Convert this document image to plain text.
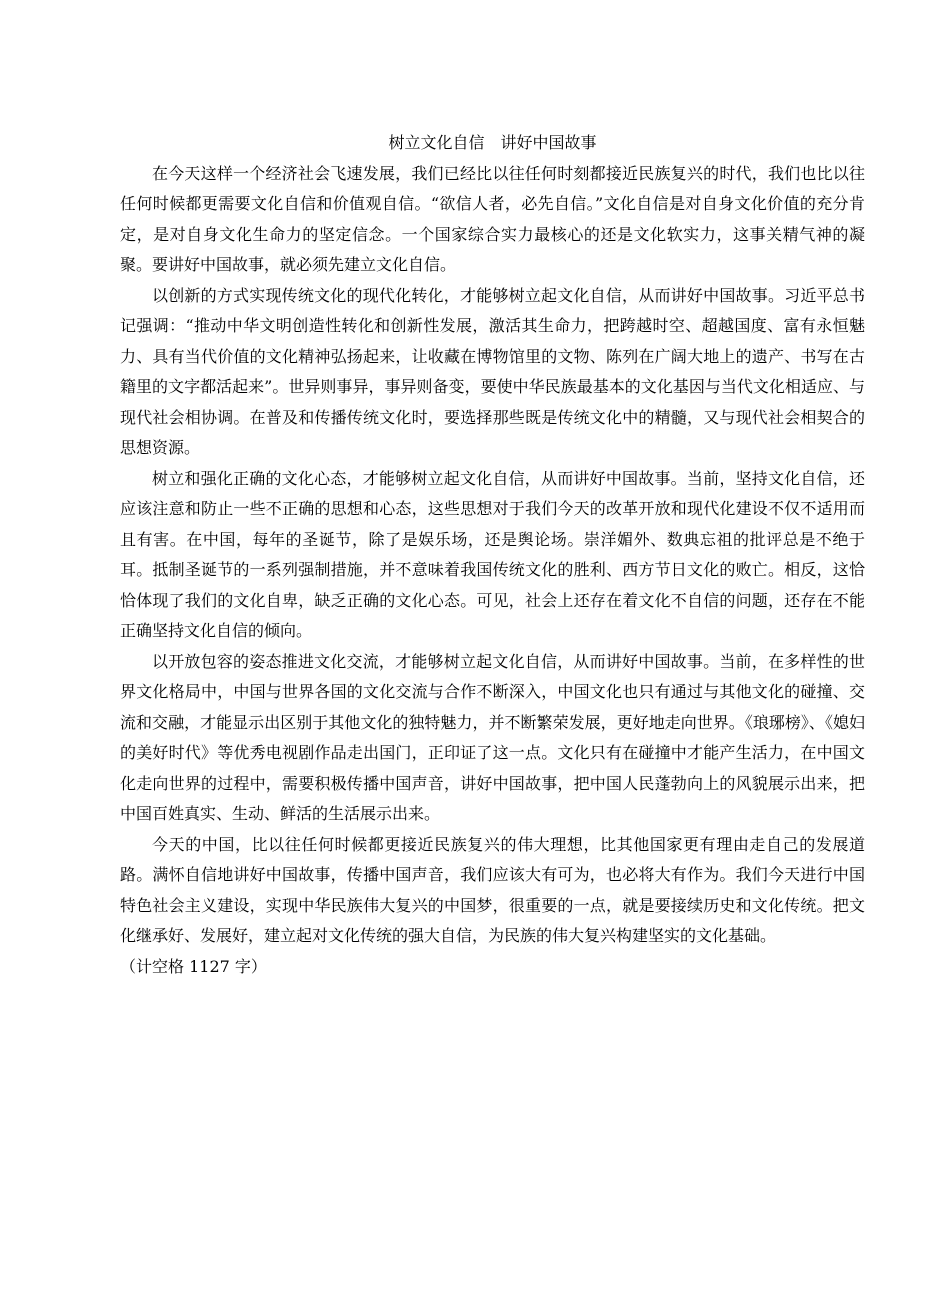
树立文化自信　讲好中国故事

在今天这样一个经济社会飞速发展，我们已经比以往任何时刻都接近民族复兴的时代，我们也比以往任何时候都更需要文化自信和价值观自信。“欲信人者，必先自信。”文化自信是对自身文化价值的充分肯定，是对自身文化生命力的坚定信念。一个国家综合实力最核心的还是文化软实力，这事关精气神的凝聚。要讲好中国故事，就必须先建立文化自信。

以创新的方式实现传统文化的现代化转化，才能够树立起文化自信，从而讲好中国故事。习近平总书记强调：“推动中华文明创造性转化和创新性发展，激活其生命力，把跨越时空、超越国度、富有永恒魅力、具有当代价值的文化精神弘扬起来，让收藏在博物馆里的文物、陈列在广阔大地上的遗产、书写在古籍里的文字都活起来”。世异则事异，事异则备变，要使中华民族最基本的文化基因与当代文化相适应、与现代社会相协调。在普及和传播传统文化时，要选择那些既是传统文化中的精髓，又与现代社会相契合的思想资源。

树立和强化正确的文化心态，才能够树立起文化自信，从而讲好中国故事。当前，坚持文化自信，还应该注意和防止一些不正确的思想和心态，这些思想对于我们今天的改革开放和现代化建设不仅不适用而且有害。在中国，每年的圣诞节，除了是娱乐场，还是舆论场。崇洋媚外、数典忘祖的批评总是不绝于耳。抵制圣诞节的一系列强制措施，并不意味着我国传统文化的胜利、西方节日文化的败亡。相反，这恰恰体现了我们的文化自卑，缺乏正确的文化心态。可见，社会上还存在着文化不自信的问题，还存在不能正确坚持文化自信的倾向。

以开放包容的姿态推进文化交流，才能够树立起文化自信，从而讲好中国故事。当前，在多样性的世界文化格局中，中国与世界各国的文化交流与合作不断深入，中国文化也只有通过与其他文化的碰撞、交流和交融，才能显示出区别于其他文化的独特魅力，并不断繁荣发展，更好地走向世界。《琅琊榜》、《媳妇的美好时代》等优秀电视剧作品走出国门，正印证了这一点。文化只有在碰撞中才能产生活力，在中国文化走向世界的过程中，需要积极传播中国声音，讲好中国故事，把中国人民蓬勃向上的风貌展示出来，把中国百姓真实、生动、鲜活的生活展示出来。

今天的中国，比以往任何时候都更接近民族复兴的伟大理想，比其他国家更有理由走自己的发展道路。满怀自信地讲好中国故事，传播中国声音，我们应该大有可为，也必将大有作为。我们今天进行中国特色社会主义建设，实现中华民族伟大复兴的中国梦，很重要的一点，就是要接续历史和文化传统。把文化继承好、发展好，建立起对文化传统的强大自信，为民族的伟大复兴构建坚实的文化基础。

（计空格 1127 字）
